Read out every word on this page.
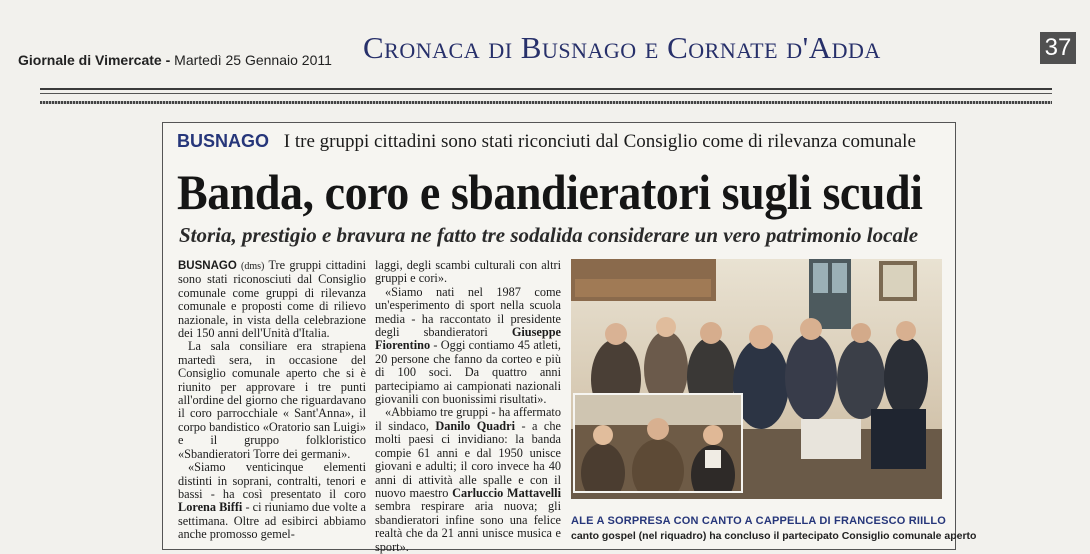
Giornale di Vimercate - Martedì 25 Gennaio 2011 Cronaca di Busnago e Cornate d'Adda	37
BUSNAGO I tre gruppi cittadini sono stati riconciuti dal Consiglio come di rilevanza comunale
Banda, coro e sbandieratori sugli scudi
Storia, prestigio e bravura ne fatto tre sodalida considerare un vero patrimonio locale

BUSNAGO (dms) Tre gruppi cittadini sono stati riconosciuti dal Consiglio comunale come gruppi di rilevanza comunale e proposti come di rilievo nazionale, in vista della celebrazione dei 150 anni dell'Unità d'Italia.

La sala consiliare era strapiena martedì sera, in occasione del Consiglio comunale aperto che si è riunito per approvare i tre punti all'ordine del giorno che riguardavano il coro parrocchiale « Sant'Anna», il corpo bandistico «Oratorio san Luigi» e il gruppo folkloristico «Sbandieratori Torre dei germani».

«Siamo venticinque elementi distinti in soprani, contralti, tenori e bassi - ha così presentato il coro Lorena Biffi - ci riuniamo due volte a settimana. Oltre ad esibirci abbiamo anche promosso gemel-

laggi, degli scambi culturali con altri gruppi e cori».

«Siamo nati nel 1987 come un'esperimento di sport nella scuola media - ha raccontato il presidente degli sbandieratori Giuseppe Fiorentino - Oggi contiamo 45 atleti, 20 persone che fanno da corteo e più di 100 soci. Da quattro anni partecipiamo ai campionati nazionali giovanili con buonissimi risultati».

«Abbiamo tre gruppi - ha affermato il sindaco, Danilo Quadri - a che molti paesi ci invidiano: la banda compie 61 anni e dal 1950 unisce giovani e adulti; il coro invece ha 40 anni di attività alle spalle e con il nuovo maestro Carluccio Mattavelli sembra respirare aria nuova; gli sbandieratori infine sono una felice realtà che da 21 anni unisce musica e sport».

ALE A SORPRESA CON CANTO A CAPPELLA DI FRANCESCO RIILLO
canto gospel (nel riquadro) ha concluso il partecipato Consiglio comunale aperto
